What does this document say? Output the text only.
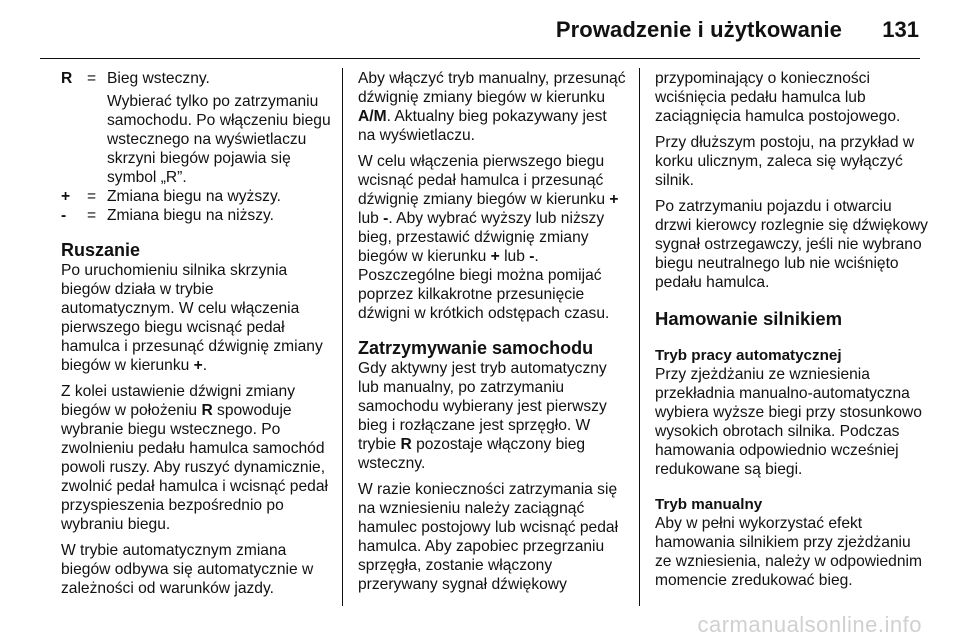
Prowadzenie i użytkowanie 131
R = Bieg wsteczny.

Wybierać tylko po zatrzymaniu samochodu. Po włączeniu biegu wstecznego na wyświetlaczu skrzyni biegów pojawia się symbol „R”.

+	= Zmiana biegu na wyższy.
-	= Zmiana biegu na niższy.
Ruszanie

Po uruchomieniu silnika skrzynia biegów działa w trybie automatycznym. W celu włączenia pierwszego biegu wcisnąć pedał hamulca i przesunąć dźwignię zmiany biegów w kierunku +.

Z kolei ustawienie dźwigni zmiany biegów w położeniu R spowoduje wybranie biegu wstecznego. Po zwolnieniu pedału hamulca samochód powoli ruszy. Aby ruszyć dynamicznie, zwolnić pedał hamulca i wcisnąć pedał przyspieszenia bezpośrednio po wybraniu biegu.

W trybie automatycznym zmiana biegów odbywa się automatycznie w zależności od warunków jazdy.

Aby włączyć tryb manualny, przesunąć dźwignię zmiany biegów w kierunku A/M. Aktualny bieg pokazywany jest na wyświetlaczu.

W celu włączenia pierwszego biegu wcisnąć pedał hamulca i przesunąć dźwignię zmiany biegów w kierunku + lub -. Aby wybrać wyższy lub niższy bieg, przestawić dźwignię zmiany biegów w kierunku + lub -. Poszczególne biegi można pomijać poprzez kilkakrotne przesunięcie dźwigni w krótkich odstępach czasu.

Zatrzymywanie samochodu

Gdy aktywny jest tryb automatyczny lub manualny, po zatrzymaniu samochodu wybierany jest pierwszy bieg i rozłączane jest sprzęgło. W trybie R pozostaje włączony bieg wsteczny.

W razie konieczności zatrzymania się na wzniesieniu należy zaciągnąć hamulec postojowy lub wcisnąć pedał hamulca. Aby zapobiec przegrzaniu sprzęgła, zostanie włączony przerywany sygnał dźwiękowy

przypominający o konieczności wciśnięcia pedału hamulca lub zaciągnięcia hamulca postojowego.

Przy dłuższym postoju, na przykład w korku ulicznym, zaleca się wyłączyć silnik.

Po zatrzymaniu pojazdu i otwarciu drzwi kierowcy rozlegnie się dźwiękowy sygnał ostrzegawczy, jeśli nie wybrano biegu neutralnego lub nie wciśnięto pedału hamulca.

Hamowanie silnikiem
Tryb pracy automatycznej

Przy zjeżdżaniu ze wzniesienia przekładnia manualno-automatyczna wybiera wyższe biegi przy stosunkowo wysokich obrotach silnika. Podczas hamowania odpowiednio wcześniej redukowane są biegi.

Tryb manualny

Aby w pełni wykorzystać efekt hamowania silnikiem przy zjeżdżaniu ze wzniesienia, należy w odpowiednim momencie zredukować bieg.

carmanualsonline.info
